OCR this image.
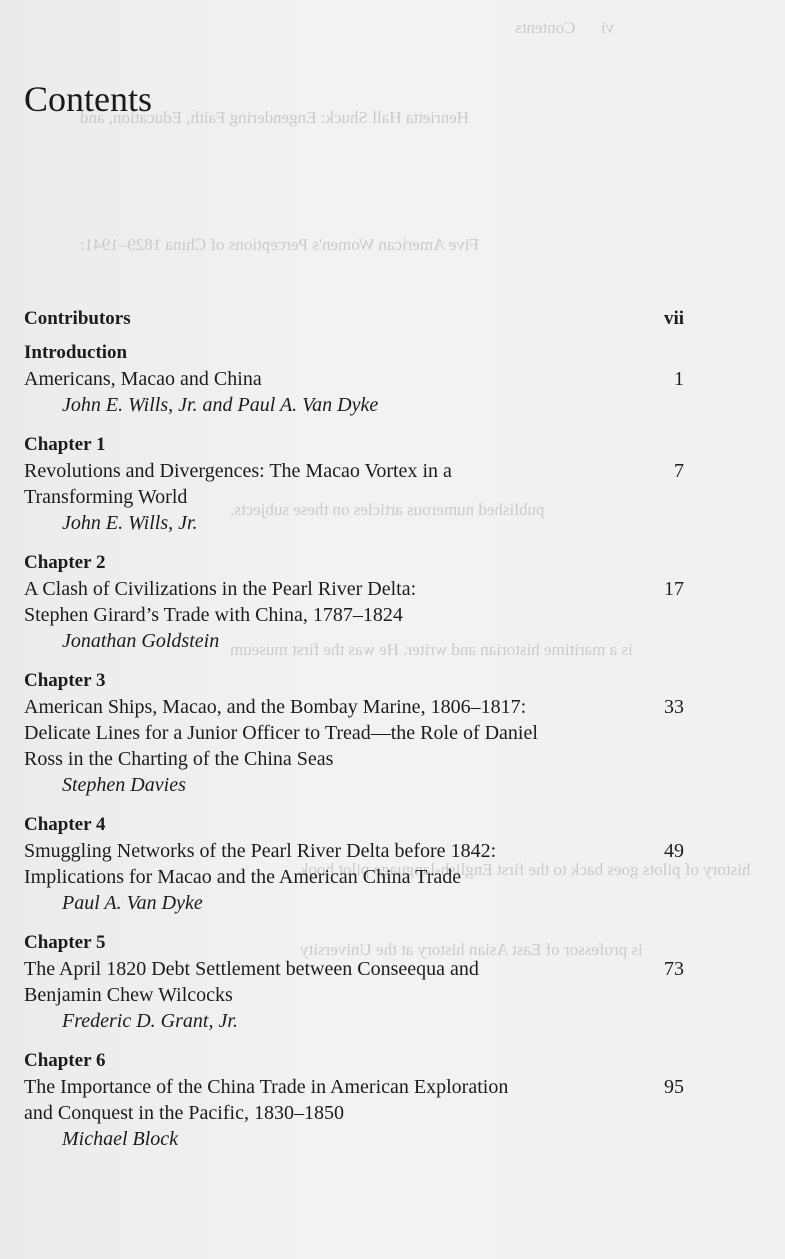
vi      Contents
Henrietta Hall Shuck: Engendering Faith, Education, and
Five American Women's Perceptions of China 1829–1941:
published numerous articles on these subjects.
is a maritime historian and writer. He was the first museum
history of pilots goes back to the first English-language pilot book
is professor of East Asian history at the University
Contents
Contributors	vii
Introduction
Americans, Macao and China	1
John E. Wills, Jr. and Paul A. Van Dyke
Chapter 1
Revolutions and Divergences: The Macao Vortex in a	7
Transforming World
John E. Wills, Jr.
Chapter 2
A Clash of Civilizations in the Pearl River Delta:	17
Stephen Girard’s Trade with China, 1787–1824
Jonathan Goldstein
Chapter 3
American Ships, Macao, and the Bombay Marine, 1806–1817:	33
Delicate Lines for a Junior Officer to Tread—the Role of Daniel
Ross in the Charting of the China Seas
Stephen Davies
Chapter 4
Smuggling Networks of the Pearl River Delta before 1842:	49
Implications for Macao and the American China Trade
Paul A. Van Dyke
Chapter 5
The April 1820 Debt Settlement between Conseequa and	73
Benjamin Chew Wilcocks
Frederic D. Grant, Jr.
Chapter 6
The Importance of the China Trade in American Exploration	95
and Conquest in the Pacific, 1830–1850
Michael Block
